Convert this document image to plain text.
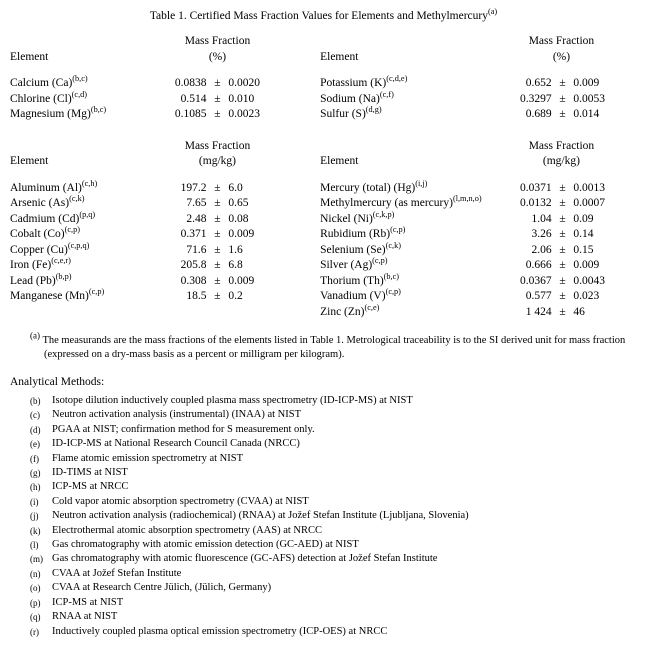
Table 1. Certified Mass Fraction Values for Elements and Methylmercury$^{(a)}$
	Mass Fraction					Mass Fraction		
Element	(%)				Element	(%)		

Calcium $(Ca)^{(b,c)}$	0.0838	±	0.0020		Potassium $(K)^{(c,d,e)}$	0.652	±	0.009
Chlorine $(Cl)^{(c,d)}$	0.514	±	0.010		Sodium $(Na)^{(c,f)}$	0.3297	±	0.0053
Magnesium $(Mg)^{(b,c)}$	0.1085	±	0.0023		Sulfur $(S)^{(d,g)}$	0.689	±	0.014
	Mass Fraction					Mass Fraction		
Element	(mg/kg)				Element	(mg/kg)		

Aluminum $(Al)^{(c,h)}$	197.2	±	6.0		Mercury (total) $(Hg)^{(i,j)}$	0.0371	±	0.0013
Arsenic $(As)^{(c,k)}$	7.65	±	0.65		Methylmercury (as mercury)$^{(l,m,n,o)}$	0.0132	±	0.0007
Cadmium $(Cd)^{(p,q)}$	2.48	±	0.08		Nickel $(Ni)^{(c,k,p)}$	1.04	±	0.09
Cobalt $(Co)^{(c,p)}$	0.371	±	0.009		Rubidium $(Rb)^{(c,p)}$	3.26	±	0.14
Copper $(Cu)^{(c,p,q)}$	71.6	±	1.6		Selenium $(Se)^{(c,k)}$	2.06	±	0.15
Iron $(Fe)^{(c,e,r)}$	205.8	±	6.8		Silver $(Ag)^{(c,p)}$	0.666	±	0.009
Lead $(Pb)^{(b,p)}$	0.308	±	0.009		Thorium $(Th)^{(b,c)}$	0.0367	±	0.0043
Manganese $(Mn)^{(c,p)}$	18.5	±	0.2		Vanadium $(V)^{(c,p)}$	0.577	±	0.023
					Zinc $(Zn)^{(c,e)}$	1 424	±	46
$^{(a)}$ The measurands are the mass fractions of the elements listed in Table 1. Metrological traceability is to the SI derived unit for mass fraction (expressed on a dry-mass basis as a percent or milligram per kilogram).
Analytical Methods:
(b)	Isotope dilution inductively coupled plasma mass spectrometry (ID-ICP-MS) at NIST
(c)	Neutron activation analysis (instrumental) (INAA) at NIST
(d)	PGAA at NIST; confirmation method for S measurement only.
(e)	ID-ICP-MS at National Research Council Canada (NRCC)
(f)	Flame atomic emission spectrometry at NIST
(g)	ID-TIMS at NIST
(h)	ICP-MS at NRCC
(i)	Cold vapor atomic absorption spectrometry (CVAA) at NIST
(j)	Neutron activation analysis (radiochemical) (RNAA) at Jožef Stefan Institute (Ljubljana, Slovenia)
(k)	Electrothermal atomic absorption spectrometry (AAS) at NRCC
(l)	Gas chromatography with atomic emission detection (GC-AED) at NIST
(m) Gas chromatography with atomic fluorescence (GC-AFS) detection at Jožef Stefan Institute
(n)	CVAA at Jožef Stefan Institute
(o)	CVAA at Research Centre Jülich, (Jülich, Germany)
(p)	ICP-MS at NIST
(q)	RNAA at NIST
(r)	Inductively coupled plasma optical emission spectrometry (ICP-OES) at NRCC
